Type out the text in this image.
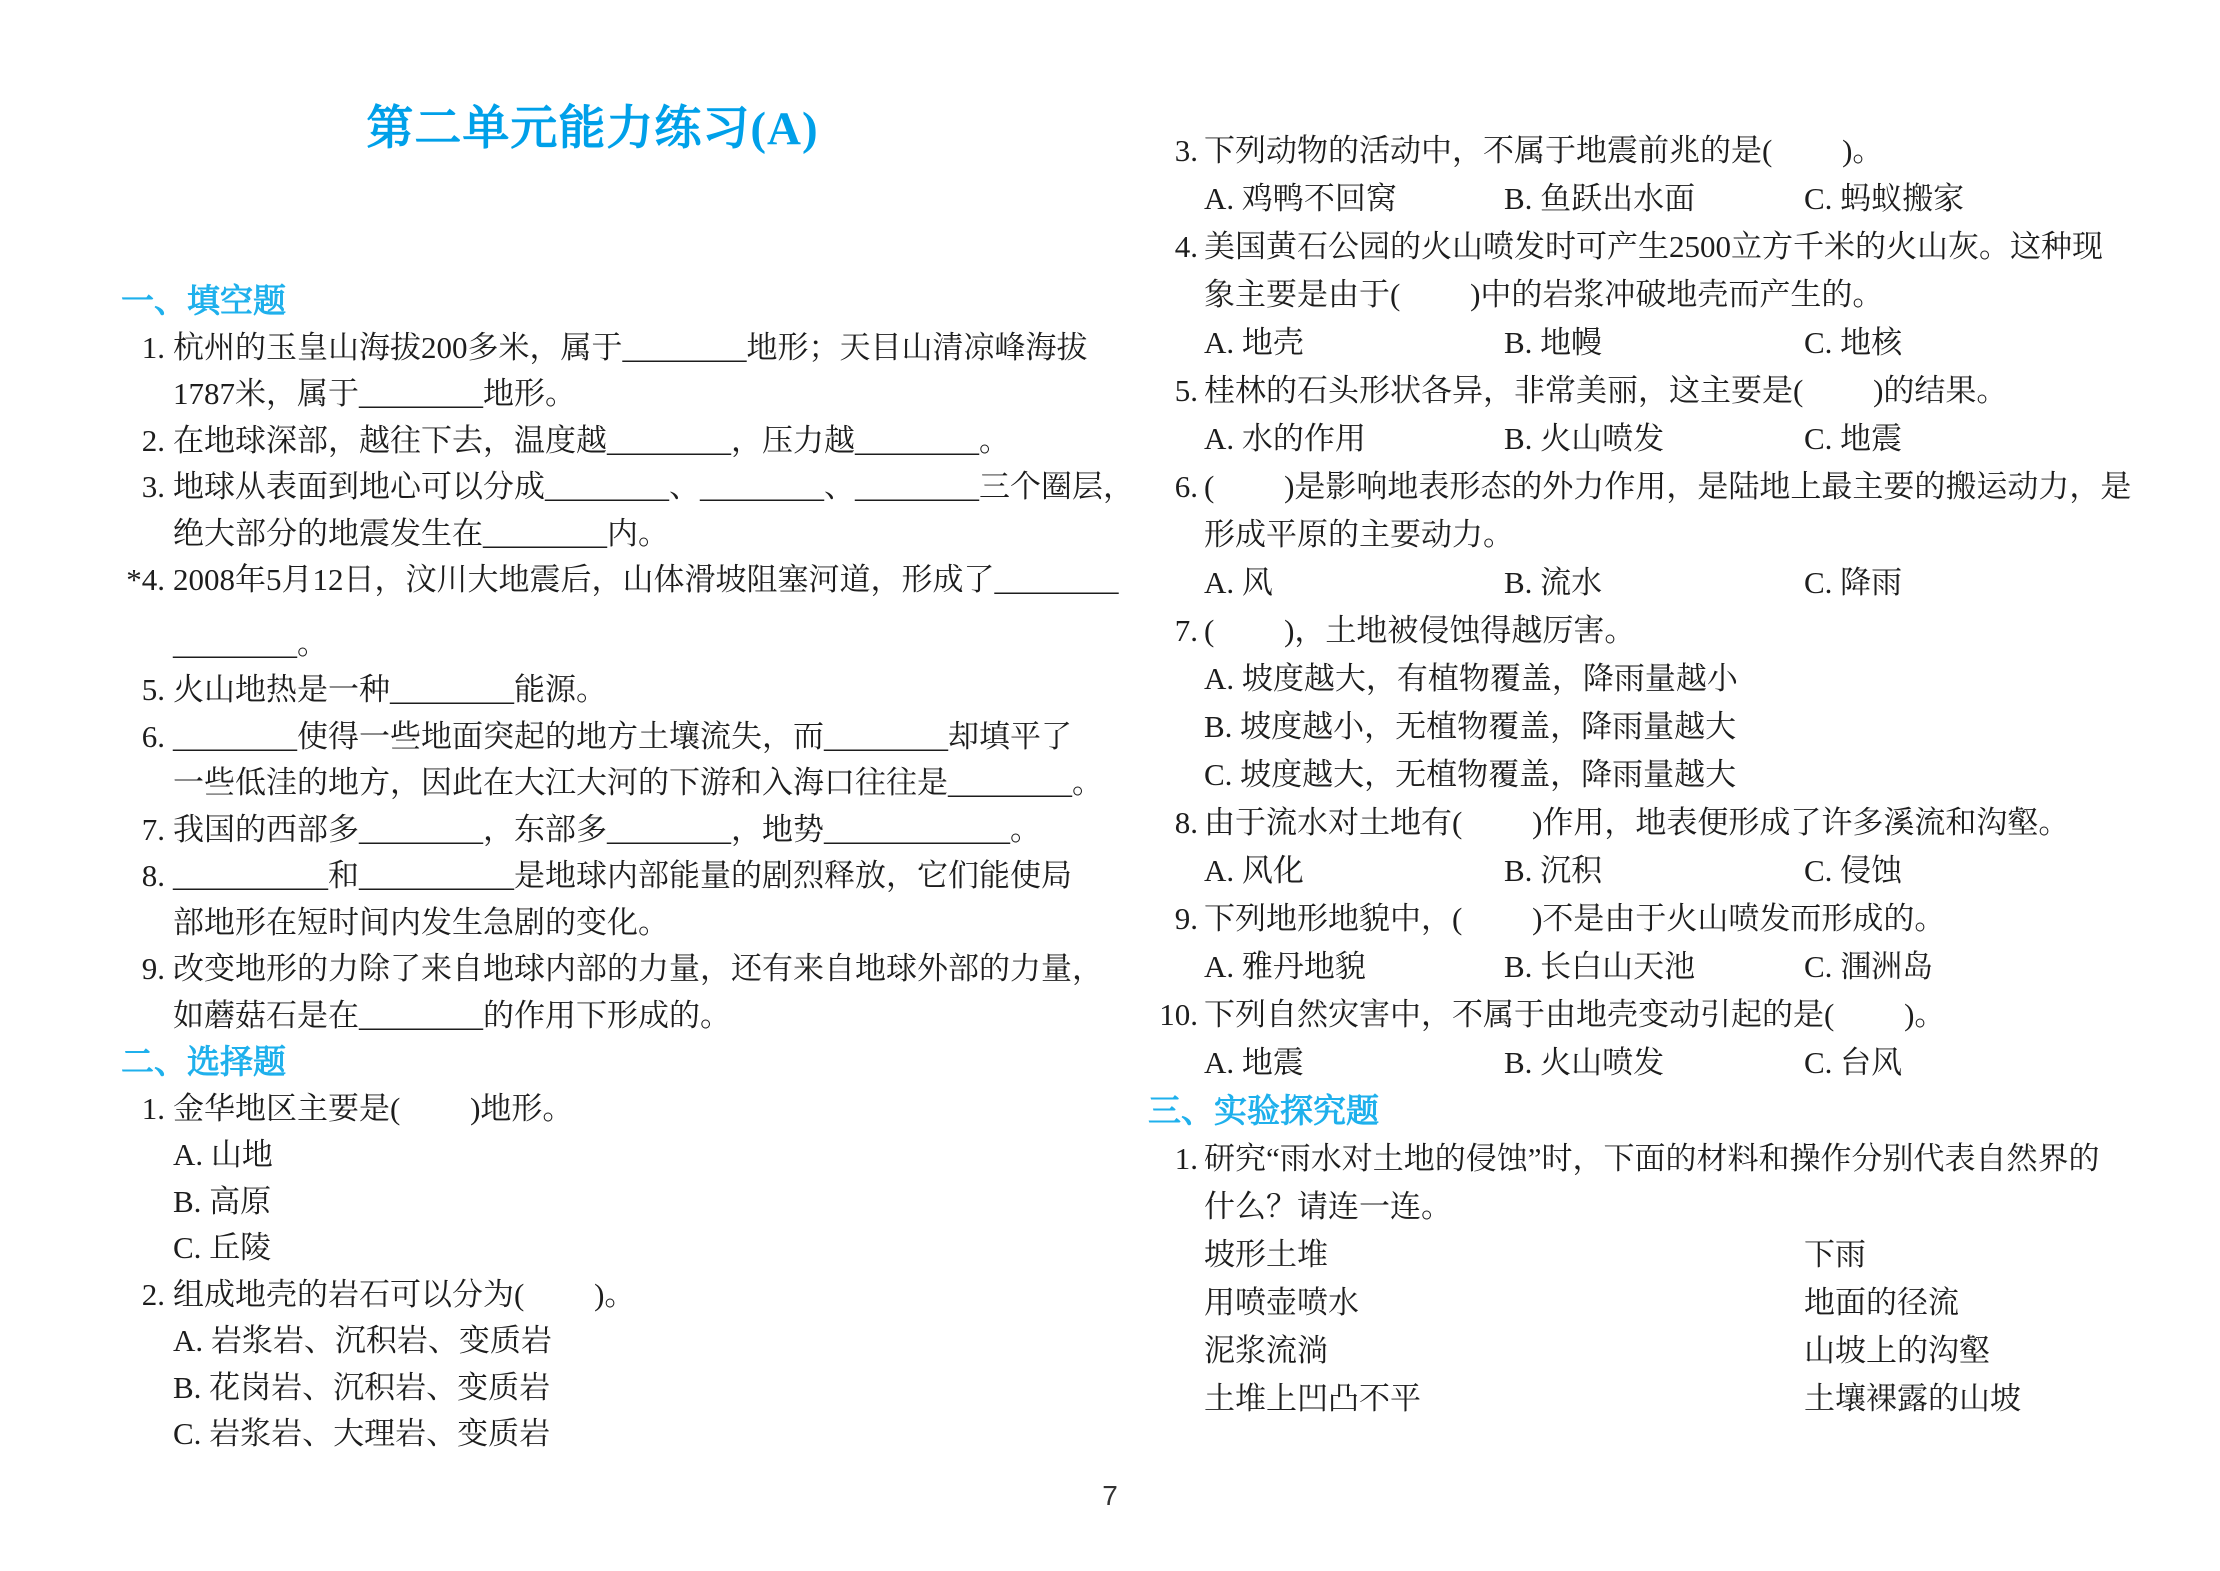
第二单元能力练习(A)
一、填空题
1. 杭州的玉皇山海拔200多米，属于________地形；天目山清凉峰海拔
1787米，属于________地形。
2. 在地球深部，越往下去，温度越________，压力越________。
3. 地球从表面到地心可以分成________、________、________三个圈层，
绝大部分的地震发生在________内。
*4. 2008年5月12日，汶川大地震后，山体滑坡阻塞河道，形成了________
________。
5. 火山地热是一种________能源。
6. ________使得一些地面突起的地方土壤流失，而________却填平了
一些低洼的地方，因此在大江大河的下游和入海口往往是________。
7. 我国的西部多________，东部多________，地势____________。
8. __________和__________是地球内部能量的剧烈释放，它们能使局
部地形在短时间内发生急剧的变化。
9. 改变地形的力除了来自地球内部的力量，还有来自地球外部的力量，
如蘑菇石是在________的作用下形成的。
二、选择题
1. 金华地区主要是(         )地形。
A. 山地
B. 高原
C. 丘陵
2. 组成地壳的岩石可以分为(         )。
A. 岩浆岩、沉积岩、变质岩
B. 花岗岩、沉积岩、变质岩
C. 岩浆岩、大理岩、变质岩
3. 下列动物的活动中，不属于地震前兆的是(         )。
A. 鸡鸭不回窝	B. 鱼跃出水面	C. 蚂蚁搬家
4. 美国黄石公园的火山喷发时可产生2500立方千米的火山灰。这种现
象主要是由于(         )中的岩浆冲破地壳而产生的。
A. 地壳	B. 地幔	C. 地核
5. 桂林的石头形状各异，非常美丽，这主要是(         )的结果。
A. 水的作用	B. 火山喷发	C. 地震
6. (         )是影响地表形态的外力作用，是陆地上最主要的搬运动力，是
形成平原的主要动力。
A. 风	B. 流水	C. 降雨
7. (         )，土地被侵蚀得越厉害。
A. 坡度越大，有植物覆盖，降雨量越小
B. 坡度越小，无植物覆盖，降雨量越大
C. 坡度越大，无植物覆盖，降雨量越大
8. 由于流水对土地有(         )作用，地表便形成了许多溪流和沟壑。
A. 风化	B. 沉积	C. 侵蚀
9. 下列地形地貌中，(         )不是由于火山喷发而形成的。
A. 雅丹地貌	B. 长白山天池	C. 涠洲岛
10. 下列自然灾害中，不属于由地壳变动引起的是(         )。
A. 地震	B. 火山喷发	C. 台风
三、实验探究题
1. 研究“雨水对土地的侵蚀”时，下面的材料和操作分别代表自然界的
什么？请连一连。
坡形土堆	下雨
用喷壶喷水	地面的径流
泥浆流淌	山坡上的沟壑
土堆上凹凸不平	土壤裸露的山坡
7
